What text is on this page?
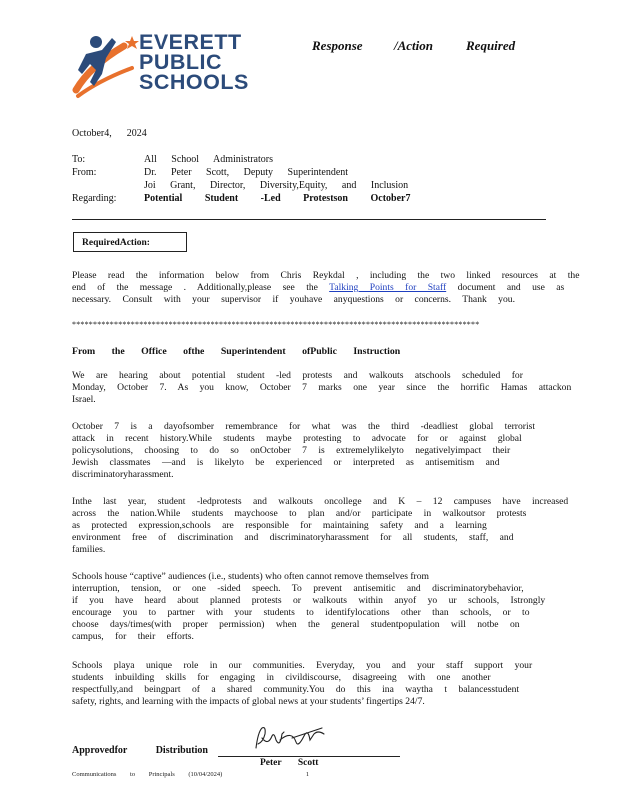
EVERETT
PUBLIC
SCHOOLS
Response /Action	Required
October4,      2024
To:	All School Administrators
From:	Dr. Peter Scott, Deputy Superintendent
Joi Grant, Director, Diversity,Equity, and Inclusion
Regarding:	Potential Student -Led Protestson October7
RequiredAction:
Please read the information below from Chris Reykdal , including the two linked resources at the
end of the message . Additionally,please see the Talking Points for Staff document and use as
necessary. Consult with your supervisor if youhave anyquestions or concerns. Thank you.
*************************************************************************************************
From the Office ofthe Superintendent ofPublic Instruction
We are hearing about potential student -led protests and walkouts atschools scheduled for
Monday, October 7. As you know, October 7 marks one year since the horrific Hamas attackon
Israel.
October 7 is a dayofsomber remembrance for what was the third -deadliest global terrorist
attack in recent history.While students maybe protesting to advocate for or against global
policysolutions, choosing to do so onOctober 7 is extremelylikelyto negativelyimpact their
Jewish classmates —and is likelyto be experienced or interpreted as antisemitism and
discriminatoryharassment.
Inthe last year, student -ledprotests and walkouts oncollege and K – 12 campuses have increased
across the nation.While students maychoose to plan and/or participate in walkoutsor protests
as protected expression,schools are responsible for maintaining safety and a learning
environment free of discrimination and discriminatoryharassment for all students, staff, and
families.
Schools house “captive” audiences (i.e., students) who often cannot remove themselves from
interruption, tension, or one -sided speech. To prevent antisemitic and discriminatorybehavior,
if you have heard about planned protests or walkouts within anyof yo ur schools, Istrongly
encourage you to partner with your students to identifylocations other than schools, or to
choose days/times(with proper permission) when the general studentpopulation will notbe on
campus, for their efforts.
Schools playa unique role in our communities. Everyday, you and your staff support your
students inbuilding skills for engaging in civildiscourse, disagreeing with one another
respectfully,and beingpart of a shared community.You do this ina waytha t balancesstudent
safety, rights, and learning with the impacts of global news at your students’ fingertips 24/7.
Approvedfor Distribution
Peter Scott
Communications to Principals (10/04/2024)	1
